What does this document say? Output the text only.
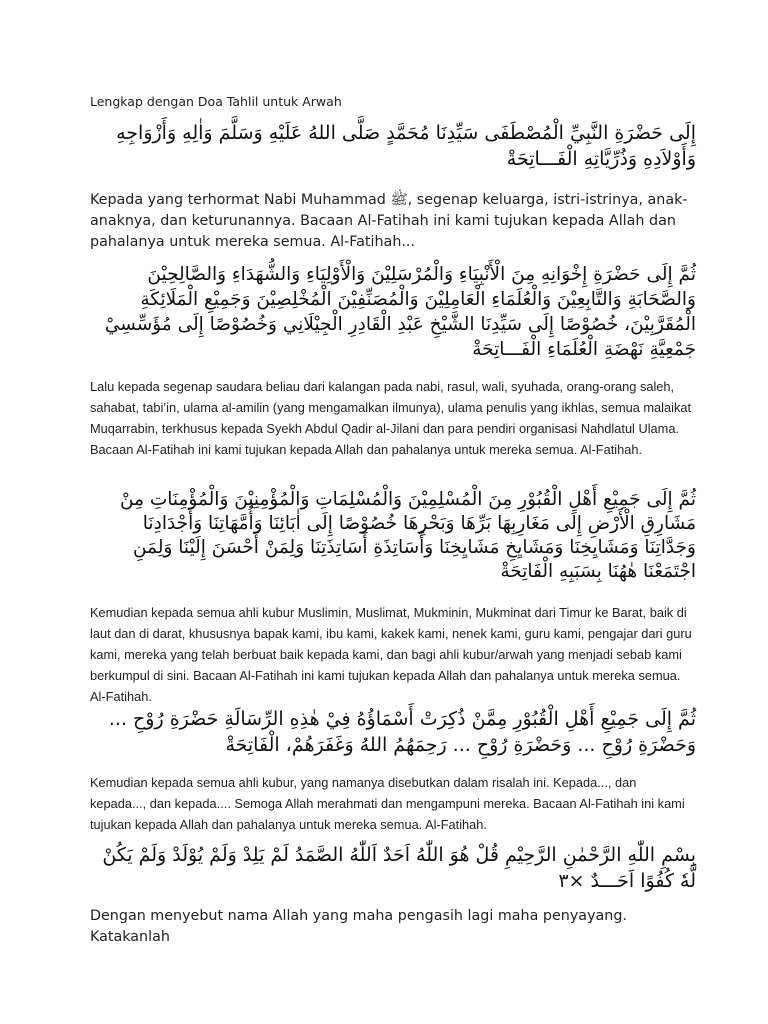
Lengkap dengan Doa Tahlil untuk Arwah
إِلَى حَضْرَةِ النَّبِيِّ الْمُصْطَفَى سَيِّدِنَا مُحَمَّدٍ صَلَّى اللهُ عَلَيْهِ وَسَلَّمَ وَاٰلِهِ وَأَزْوَاجِهِ وَأَوْلاَدِهِ وَذُرِّيَّاتِهِ الْفَـــاتِحَةْ
Kepada yang terhormat Nabi Muhammad ﷺ, segenap keluarga, istri-istrinya, anak-anaknya, dan keturunannya. Bacaan Al-Fatihah ini kami tujukan kepada Allah dan pahalanya untuk mereka semua. Al-Fatihah...
ثُمَّ إِلَى حَضْرَةِ إِخْوَانِهِ مِنَ الْأَنْبِيَاءِ وَالْمُرْسَلِيْنَ وَالْأَوْلِيَاءِ وَالشُّهَدَاءِ وَالصَّالِحِيْنَ وَالصَّحَابَةِ وَالتَّابِعِيْنَ وَالْعُلَمَاءِ الْعَامِلِيْنَ وَالْمُصَنِّفِيْنَ الْمُخْلِصِيْنَ وَجَمِيْعِ الْمَلَائِكَةِ الْمُقَرَّبِيْنَ، خُصُوْصًا إِلَى سَيِّدِنَا الشَّيْخِ عَبْدِ الْقَادِرِ الْجِيْلَانِي وَخُصُوْصًا إِلَى مُؤَسِّسِيْ جَمْعِيَّةِ نَهْضَةِ الْعُلَمَاءِ الْفَـــاتِحَةْ
Lalu kepada segenap saudara beliau dari kalangan pada nabi, rasul, wali, syuhada, orang-orang saleh, sahabat, tabi’in, ulama al-amilin (yang mengamalkan ilmunya), ulama penulis yang ikhlas, semua malaikat Muqarrabin, terkhusus kepada Syekh Abdul Qadir al-Jilani dan para pendiri organisasi Nahdlatul Ulama. Bacaan Al-Fatihah ini kami tujukan kepada Allah dan pahalanya untuk mereka semua. Al-Fatihah.
ثُمَّ إِلَى جَمِيْعِ أَهْلِ الْقُبُوْرِ مِنَ الْمُسْلِمِيْنَ وَالْمُسْلِمَاتِ وَالْمُؤْمِنِيْنَ وَالْمُؤْمِنَاتِ مِنْ مَشَارِقِ الْأَرْضِ إِلَى مَغَارِبِهَا بَرِّهَا وَبَحْرِهَا خُصُوْصًا إِلَى اٰبَائِنَا وَأُمَّهَاتِنَا وَأَجْدَادِنَا وَجَدَّاتِنَا وَمَشَايِخِنَا وَمَشَايِخِ مَشَايِخِنَا وَأَسَاتِذَةِ أَسَاتِذَتِنَا وَلِمَنْ أَحْسَنَ إِلَيْنَا وَلِمَنِ اجْتَمَعْنَا هٰهُنَا بِسَبَبِهِ الْفَاتِحَةْ
Kemudian kepada semua ahli kubur Muslimin, Muslimat, Mukminin, Mukminat dari Timur ke Barat, baik di laut dan di darat, khususnya bapak kami, ibu kami, kakek kami, nenek kami, guru kami, pengajar dari guru kami, mereka yang telah berbuat baik kepada kami, dan bagi ahli kubur/arwah yang menjadi sebab kami berkumpul di sini. Bacaan Al-Fatihah ini kami tujukan kepada Allah dan pahalanya untuk mereka semua. Al-Fatihah.
ثُمَّ إِلَى جَمِيْعِ أَهْلِ الْقُبُوْرِ مِمَّنْ ذُكِرَتْ أَسْمَاؤُهُ فِيْ هٰذِهِ الرِّسَالَةِ حَضْرَةِ رُوْحِ ... وَحَضْرَةِ رُوْحِ ... وَحَضْرَةِ رُوْحِ ... رَحِمَهُمُ اللهُ وَغَفَرَهُمْ، الْفَاتِحَةْ
Kemudian kepada semua ahli kubur, yang namanya disebutkan dalam risalah ini. Kepada..., dan kepada..., dan kepada.... Semoga Allah merahmati dan mengampuni mereka. Bacaan Al-Fatihah ini kami tujukan kepada Allah dan pahalanya untuk mereka semua. Al-Fatihah.
بِسْمِ اللّٰهِ الرَّحْمٰنِ الرَّحِيْمِ قُلْ هُوَ اللّٰهُ اَحَدٌ اَللّٰهُ الصَّمَدُ لَمْ يَلِدْ وَلَمْ يُوْلَدْ وَلَمْ يَكُنْ لَّهٗ كُفُوًا اَحَـــدٌ ×٣
Dengan menyebut nama Allah yang maha pengasih lagi maha penyayang. Katakanlah
